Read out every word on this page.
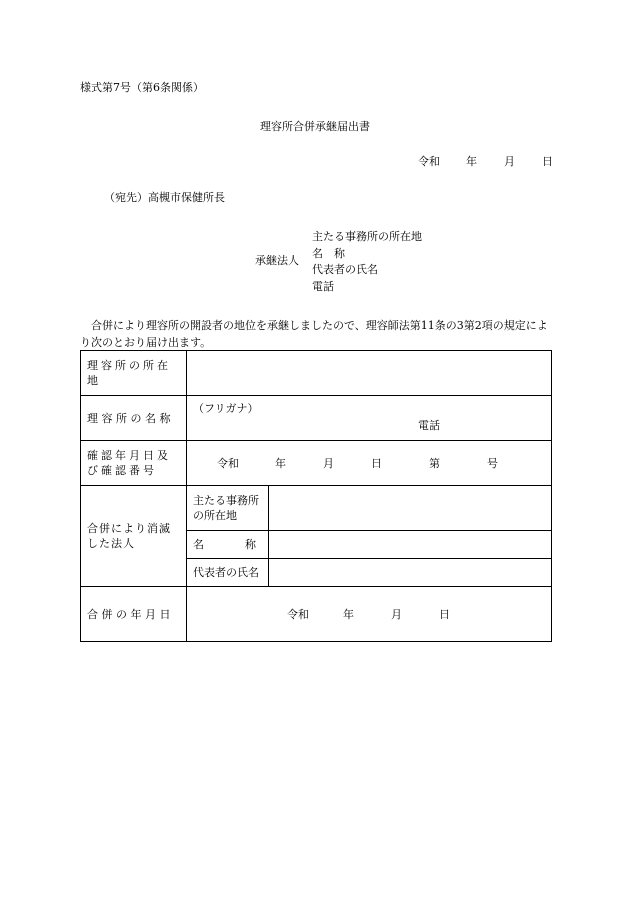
様式第7号（第6条関係）
理容所合併承継届出書
令和 年 月 日
（宛先）高槻市保健所長
承継法人
主たる事務所の所在地
名　称
代表者の氏名
電話
合併により理容所の開設者の地位を承継しましたので、理容師法第11条の3第2項の規定により次のとおり届け出ます。
理容所の所在地		
理 容 所 の 名 称	（フリガナ）
電話	

確認年月日及び確認番号	令和 年 月 日 第 号	
合併により消滅した法人	主たる事務所の所在地	
	名 称	
	代表者の氏名	
合 併 の 年 月 日	令和 年 月 日	
